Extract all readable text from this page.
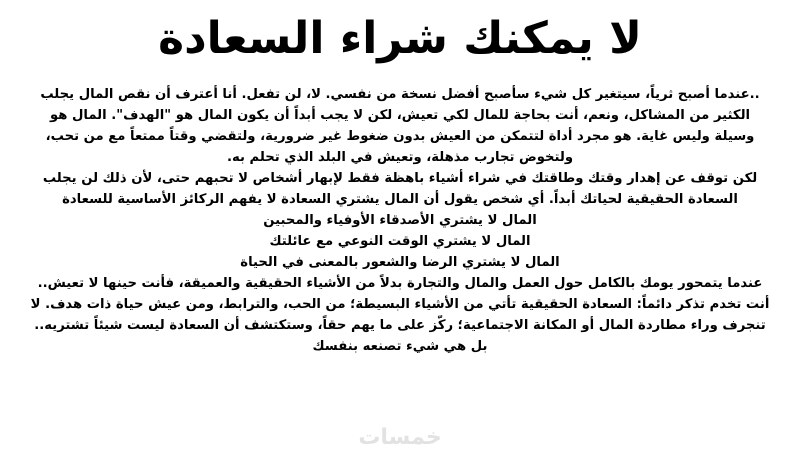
لا يمكنك شراء السعادة

..عندما أصبح ثرياً، سيتغير كل شيء سأصبح أفضل نسخة من نفسي. لا، لن تفعل. أنا أعترف أن نقص المال يجلب الكثير من المشاكل، ونعم، أنت بحاجة للمال لكي تعيش، لكن لا يجب أبداً أن يكون المال هو "الهدف". المال هو وسيلة وليس غاية. هو مجرد أداة لتتمكن من العيش بدون ضغوط غير ضرورية، ولتقضي وقتاً ممتعاً مع من تحب، ولتخوض تجارب مذهلة، وتعيش في البلد الذي تحلم به.

لكن توقف عن إهدار وقتك وطاقتك في شراء أشياء باهظة فقط لإبهار أشخاص لا تحبهم حتى، لأن ذلك لن يجلب السعادة الحقيقية لحياتك أبداً. أي شخص يقول أن المال يشتري السعادة لا يفهم الركائز الأساسية للسعادة

المال لا يشتري الأصدقاء الأوفياء والمحبين

المال لا يشتري الوقت النوعي مع عائلتك

المال لا يشتري الرضا والشعور بالمعنى في الحياة

عندما يتمحور يومك بالكامل حول العمل والمال والتجارة بدلاً من الأشياء الحقيقية والعميقة، فأنت حينها لا تعيش.. أنت تخدم تذكر دائماً: السعادة الحقيقية تأتي من الأشياء البسيطة؛ من الحب، والترابط، ومن عيش حياة ذات هدف. لا تنجرف وراء مطاردة المال أو المكانة الاجتماعية؛ ركّز على ما يهم حقاً، وستكتشف أن السعادة ليست شيئاً تشتريه.. بل هي شيء تصنعه بنفسك

خمسات
